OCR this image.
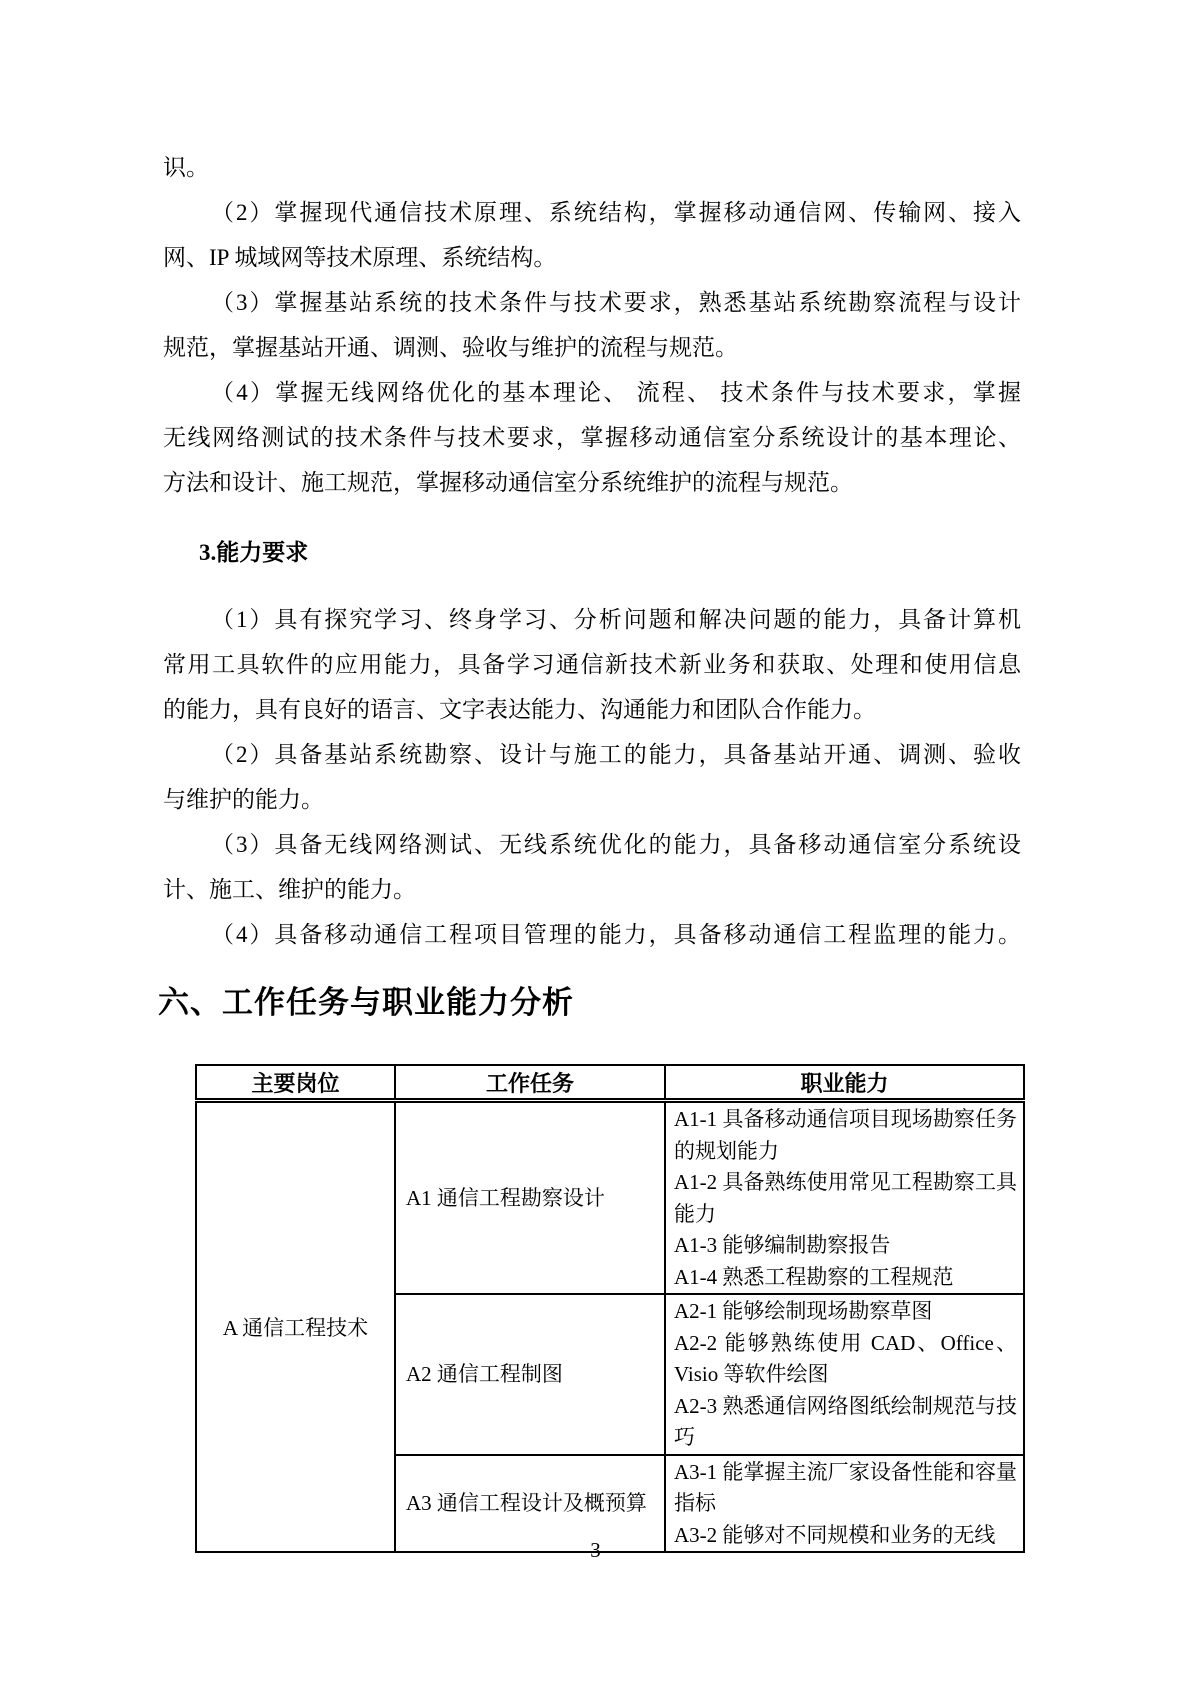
识。
（2）掌握现代通信技术原理、系统结构，掌握移动通信网、传输网、接入
网、IP 城域网等技术原理、系统结构。
（3）掌握基站系统的技术条件与技术要求，熟悉基站系统勘察流程与设计
规范，掌握基站开通、调测、验收与维护的流程与规范。
（4）掌握无线网络优化的基本理论、 流程、 技术条件与技术要求，掌握
无线网络测试的技术条件与技术要求，掌握移动通信室分系统设计的基本理论、
方法和设计、施工规范，掌握移动通信室分系统维护的流程与规范。
3.能力要求
（1）具有探究学习、终身学习、分析问题和解决问题的能力，具备计算机
常用工具软件的应用能力，具备学习通信新技术新业务和获取、处理和使用信息
的能力，具有良好的语言、文字表达能力、沟通能力和团队合作能力。
（2）具备基站系统勘察、设计与施工的能力，具备基站开通、调测、验收
与维护的能力。
（3）具备无线网络测试、无线系统优化的能力，具备移动通信室分系统设
计、施工、维护的能力。
（4）具备移动通信工程项目管理的能力，具备移动通信工程监理的能力。
六、工作任务与职业能力分析
主要岗位	工作任务	职业能力
A 通信工程技术	A1 通信工程勘察设计	A1-1 具备移动通信项目现场勘察任务的规划能力
A1-2 具备熟练使用常见工程勘察工具能力
A1-3 能够编制勘察报告
A1-4 熟悉工程勘察的工程规范

	A2 通信工程制图	A2-1 能够绘制现场勘察草图
A2-2 能够熟练使用 CAD、Office、Visio 等软件绘图
A2-3 熟悉通信网络图纸绘制规范与技巧

	A3 通信工程设计及概预算	A3-1 能掌握主流厂家设备性能和容量指标
A3-2 能够对不同规模和业务的无线
3
